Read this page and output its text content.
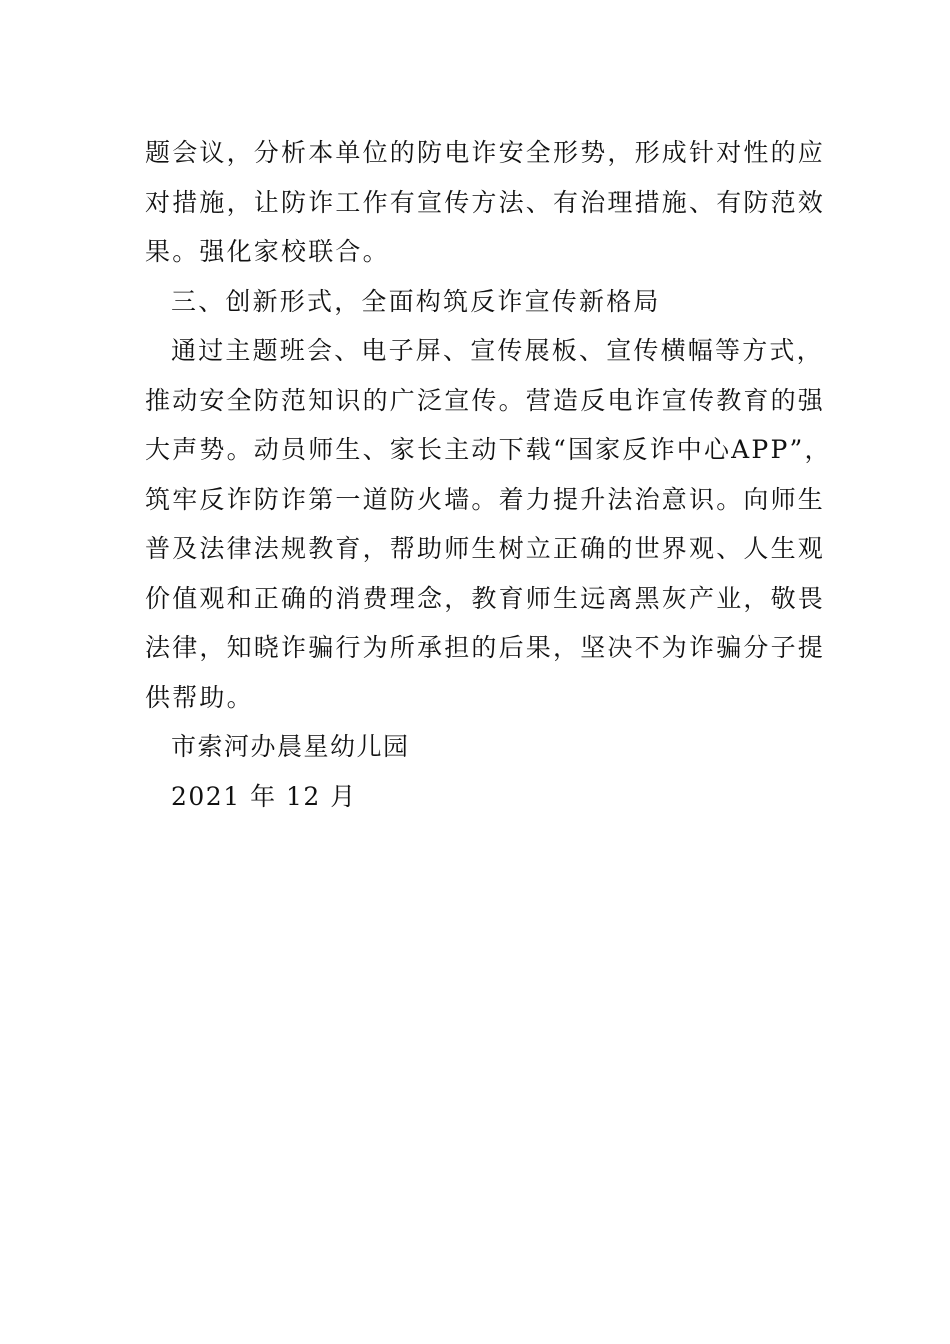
题会议，分析本单位的防电诈安全形势，形成针对性的应
对措施，让防诈工作有宣传方法、有治理措施、有防范效
果。强化家校联合。
三、创新形式，全面构筑反诈宣传新格局
通过主题班会、电子屏、宣传展板、宣传横幅等方式，
推动安全防范知识的广泛宣传。营造反电诈宣传教育的强
大声势。动员师生、家长主动下载“国家反诈中心APP”，
筑牢反诈防诈第一道防火墙。着力提升法治意识。向师生
普及法律法规教育，帮助师生树立正确的世界观、人生观
价值观和正确的消费理念，教育师生远离黑灰产业，敬畏
法律，知晓诈骗行为所承担的后果，坚决不为诈骗分子提
供帮助。
市索河办晨星幼儿园
2021 年 12 月
